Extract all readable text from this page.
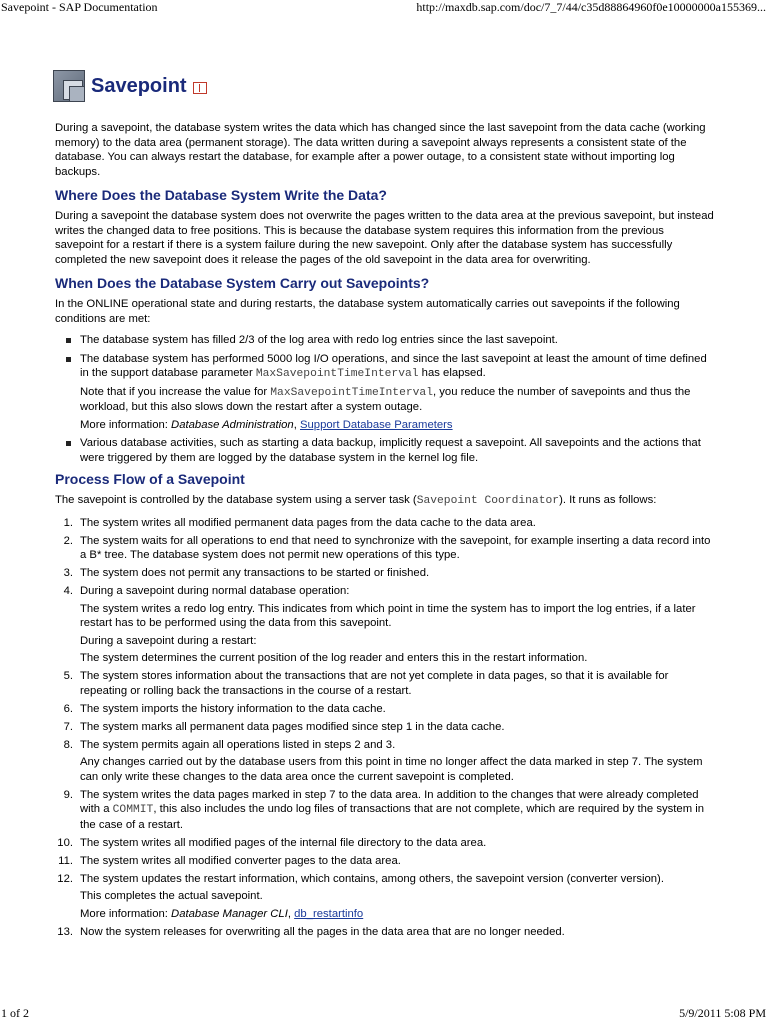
Savepoint - SAP Documentation	http://maxdb.sap.com/doc/7_7/44/c35d88864960f0e10000000a155369...
Savepoint

During a savepoint, the database system writes the data which has changed since the last savepoint from the data cache (working memory) to the data area (permanent storage). The data written during a savepoint always represents a consistent state of the database. You can always restart the database, for example after a power outage, to a consistent state without importing log backups.

Where Does the Database System Write the Data?

During a savepoint the database system does not overwrite the pages written to the data area at the previous savepoint, but instead writes the changed data to free positions. This is because the database system requires this information from the previous savepoint for a restart if there is a system failure during the new savepoint. Only after the database system has successfully completed the new savepoint does it release the pages of the old savepoint in the data area for overwriting.

When Does the Database System Carry out Savepoints?

In the ONLINE operational state and during restarts, the database system automatically carries out savepoints if the following conditions are met:

The database system has filled 2/3 of the log area with redo log entries since the last savepoint.
The database system has performed 5000 log I/O operations, and since the last savepoint at least the amount of time defined in the support database parameter MaxSavepointTimeInterval has elapsed.

Note that if you increase the value for MaxSavepointTimeInterval, you reduce the number of savepoints and thus the workload, but this also slows down the restart after a system outage.

More information: Database Administration, Support Database Parameters

Various database activities, such as starting a data backup, implicitly request a savepoint. All savepoints and the actions that were triggered by them are logged by the database system in the kernel log file.
Process Flow of a Savepoint

The savepoint is controlled by the database system using a server task (Savepoint Coordinator). It runs as follows:

1. The system writes all modified permanent data pages from the data cache to the data area.
2. The system waits for all operations to end that need to synchronize with the savepoint, for example inserting a data record into a B* tree. The database system does not permit new operations of this type.
3. The system does not permit any transactions to be started or finished.
4. During a savepoint during normal database operation:

The system writes a redo log entry. This indicates from which point in time the system has to import the log entries, if a later restart has to be performed using the data from this savepoint.

During a savepoint during a restart:

The system determines the current position of the log reader and enters this in the restart information.

5. The system stores information about the transactions that are not yet complete in data pages, so that it is available for repeating or rolling back the transactions in the course of a restart.
6. The system imports the history information to the data cache.
7. The system marks all permanent data pages modified since step 1 in the data cache.
8. The system permits again all operations listed in steps 2 and 3.

Any changes carried out by the database users from this point in time no longer affect the data marked in step 7. The system can only write these changes to the data area once the current savepoint is completed.

9. The system writes the data pages marked in step 7 to the data area. In addition to the changes that were already completed with a COMMIT, this also includes the undo log files of transactions that are not complete, which are required by the system in the case of a restart.
10. The system writes all modified pages of the internal file directory to the data area.
11. The system writes all modified converter pages to the data area.
12. The system updates the restart information, which contains, among others, the savepoint version (converter version).

This completes the actual savepoint.

More information: Database Manager CLI, db_restartinfo

13. Now the system releases for overwriting all the pages in the data area that are no longer needed.
1 of 2	5/9/2011 5:08 PM
